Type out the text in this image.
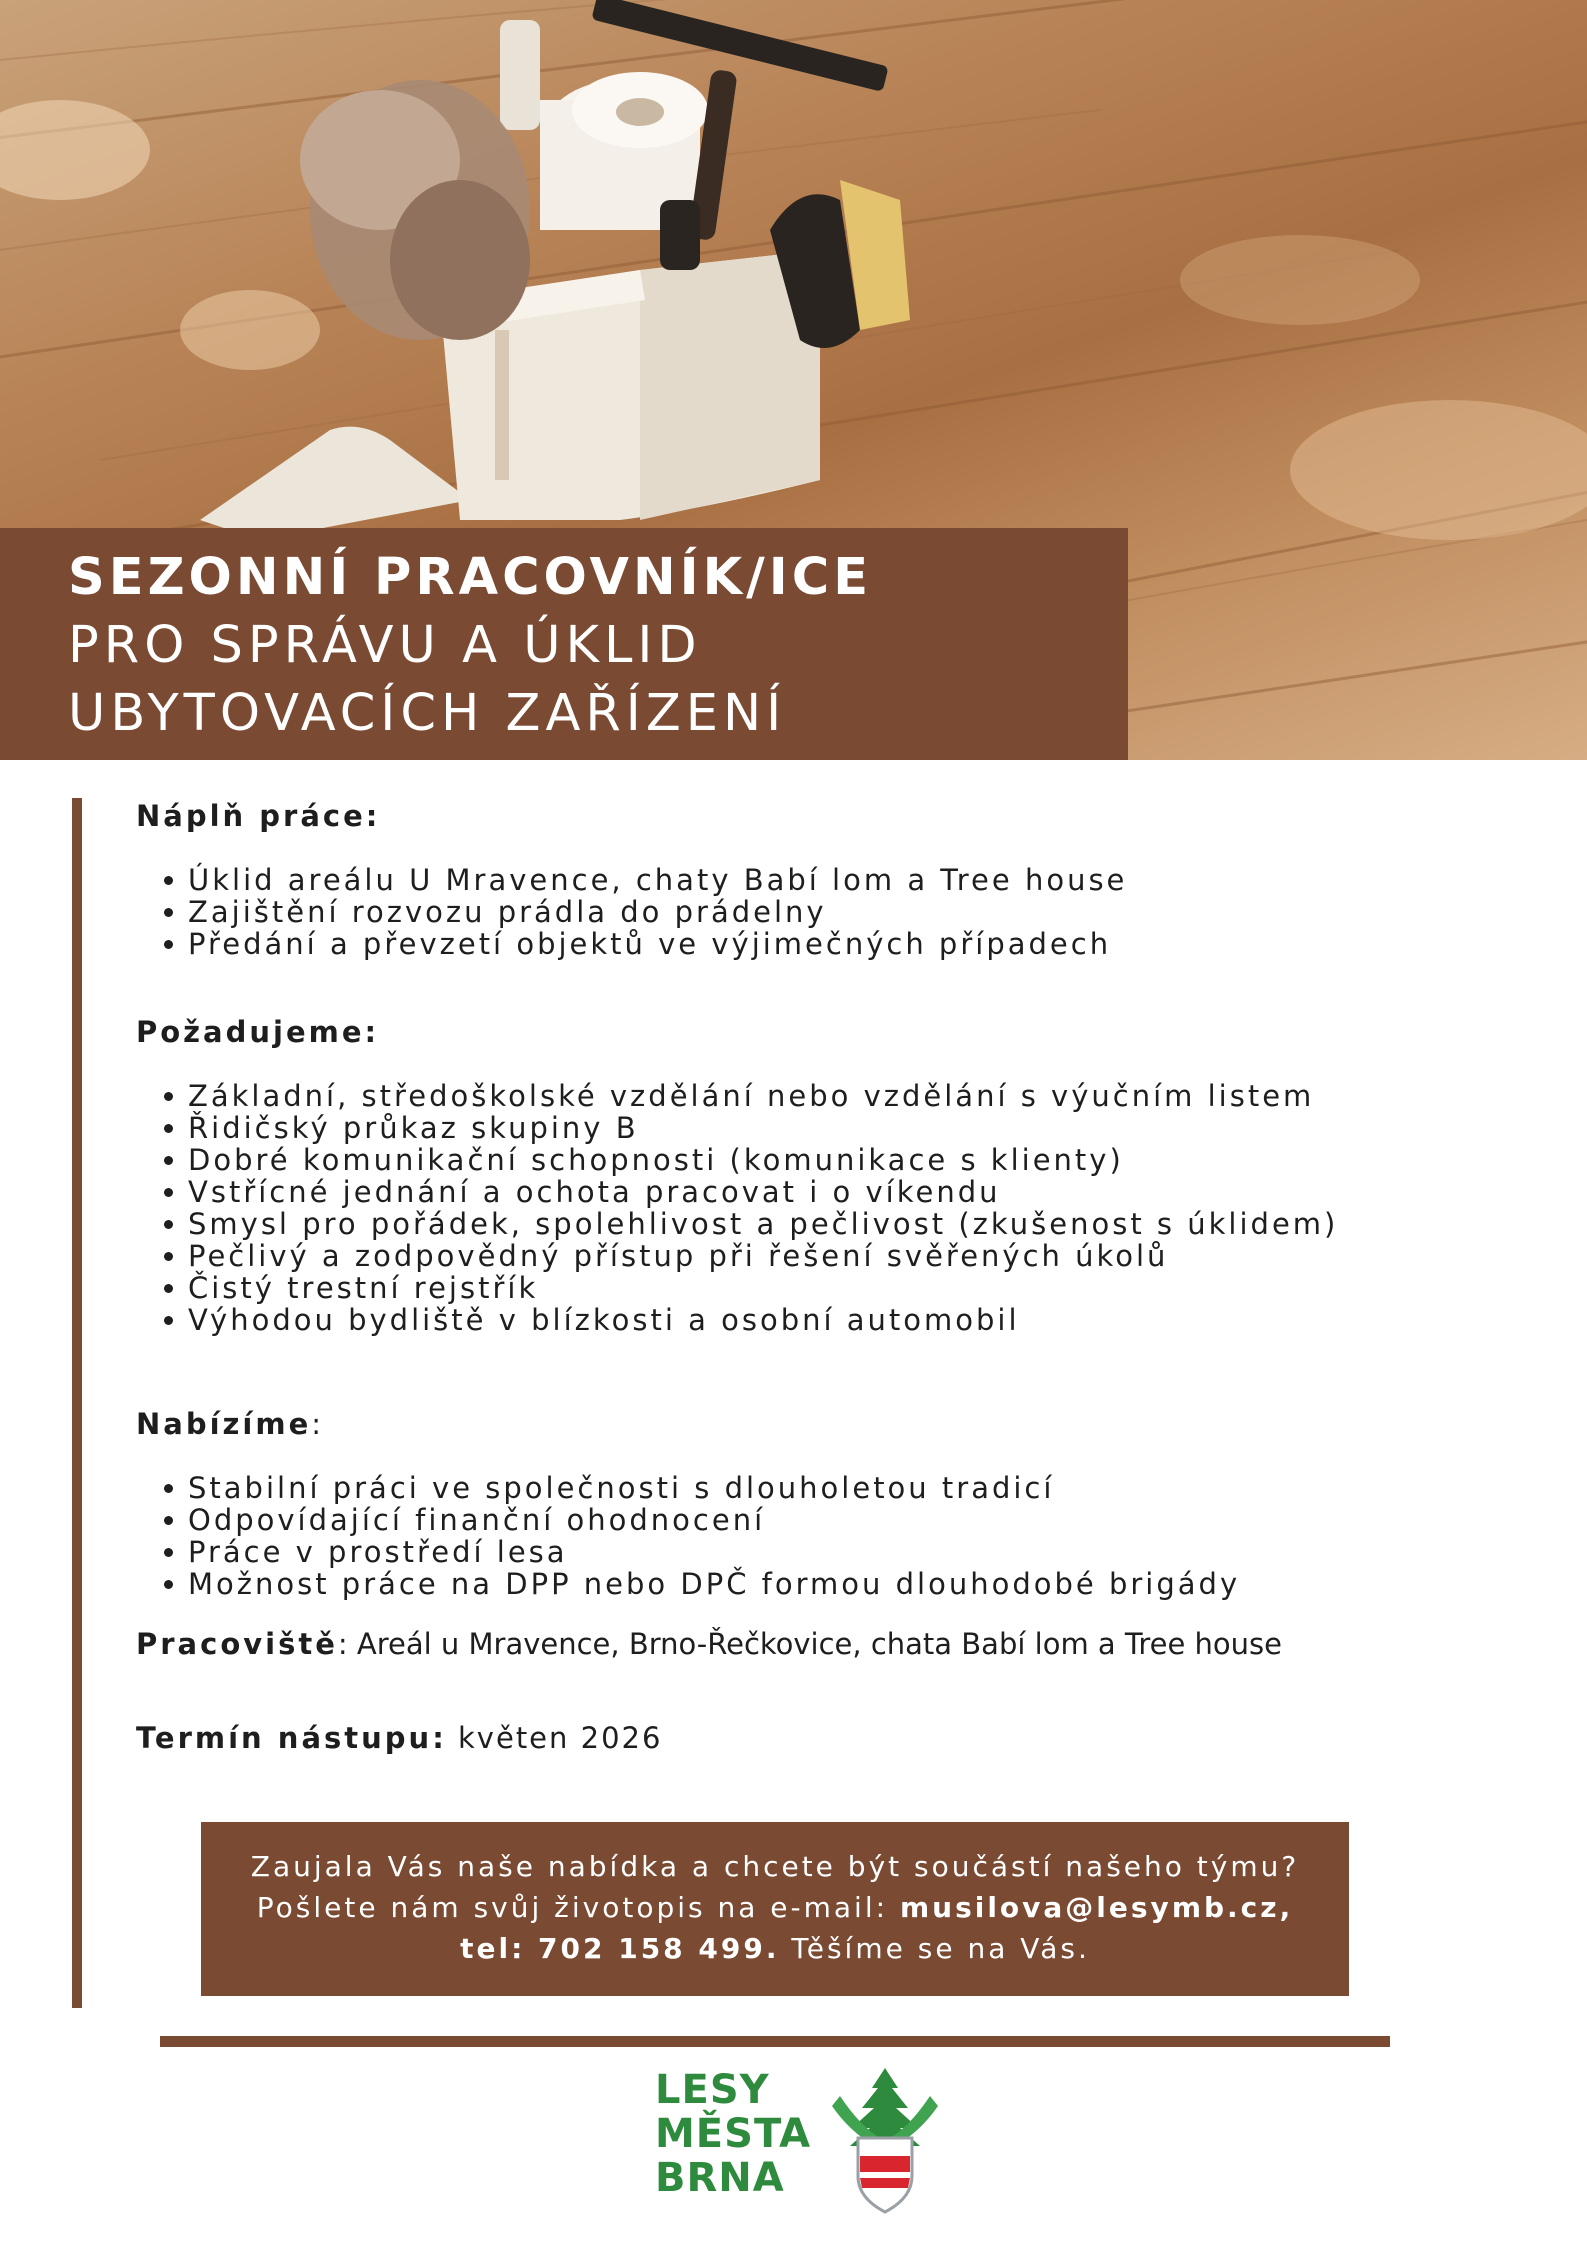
SEZONNÍ PRACOVNÍK/ICE
PRO SPRÁVU A ÚKLID
UBYTOVACÍCH ZAŘÍZENÍ
Náplň práce:
Úklid areálu U Mravence, chaty Babí lom a Tree house
Zajištění rozvozu prádla do prádelny
Předání a převzetí objektů ve výjimečných případech
Požadujeme:
Základní, středoškolské vzdělání nebo vzdělání s výučním listem
Řidičský průkaz skupiny B
Dobré komunikační schopnosti (komunikace s klienty)
Vstřícné jednání a ochota pracovat i o víkendu
Smysl pro pořádek, spolehlivost a pečlivost (zkušenost s úklidem)
Pečlivý a zodpovědný přístup při řešení svěřených úkolů
Čistý trestní rejstřík
Výhodou bydliště v blízkosti a osobní automobil
Nabízíme:
Stabilní práci ve společnosti s dlouholetou tradicí
Odpovídající finanční ohodnocení
Práce v prostředí lesa
Možnost práce na DPP nebo DPČ formou dlouhodobé brigády
Pracoviště: Areál u Mravence, Brno-Řečkovice, chata Babí lom a Tree house
Termín nástupu: květen 2026
Zaujala Vás naše nabídka a chcete být součástí našeho týmu?
Pošlete nám svůj životopis na e-mail: musilova@lesymb.cz,
tel: 702 158 499. Těšíme se na Vás.
LESY
MĚSTA
BRNA
